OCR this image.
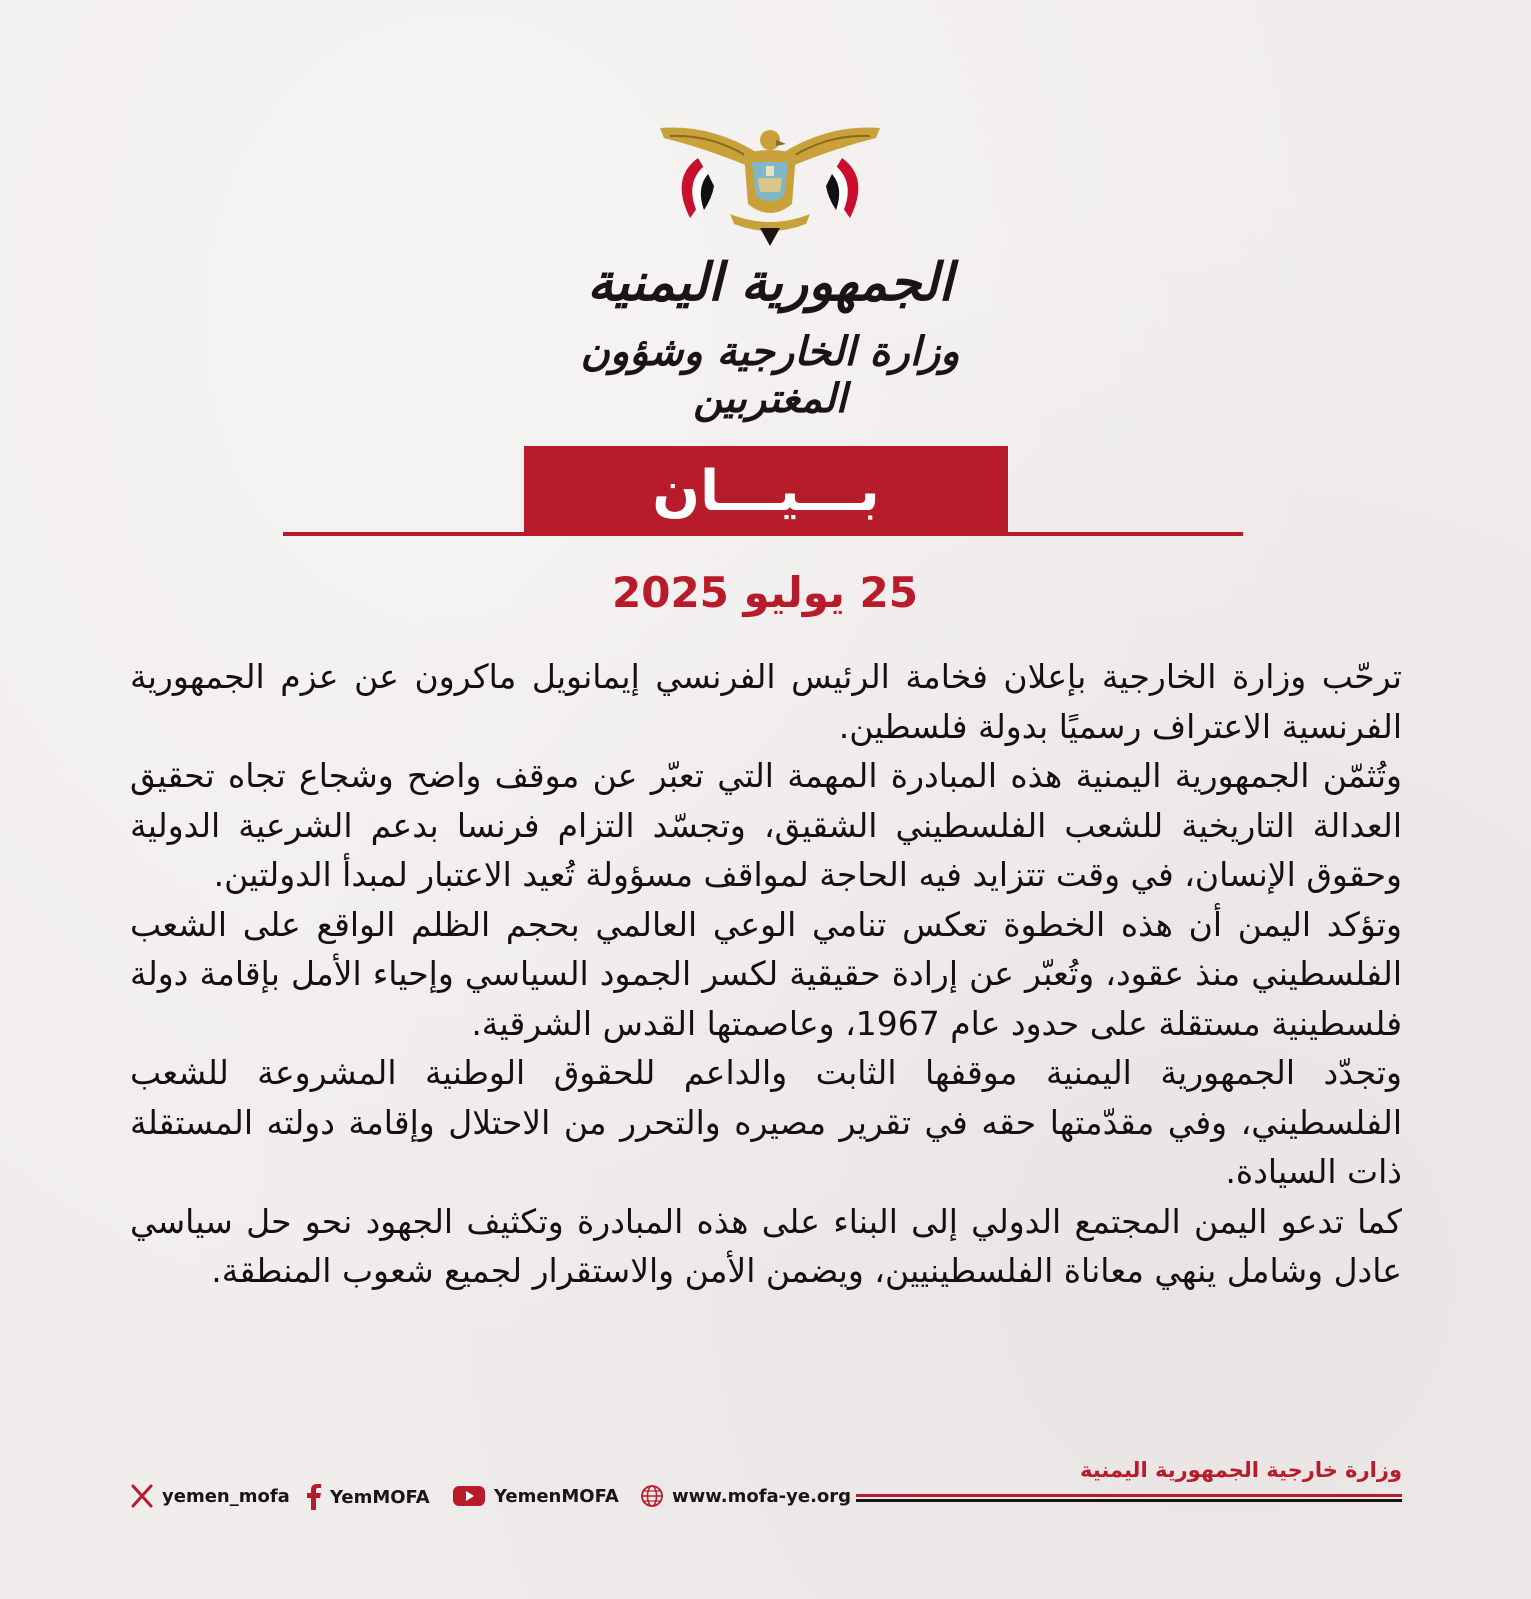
الجمهورية اليمنية
وزارة الخارجية وشؤون المغتربين
بـــيـــان
25 يوليو 2025

ترحّب وزارة الخارجية بإعلان فخامة الرئيس الفرنسي إيمانويل ماكرون عن عزم الجمهورية الفرنسية الاعتراف رسميًا بدولة فلسطين.

وتُثمّن الجمهورية اليمنية هذه المبادرة المهمة التي تعبّر عن موقف واضح وشجاع تجاه تحقيق العدالة التاريخية للشعب الفلسطيني الشقيق، وتجسّد التزام فرنسا بدعم الشرعية الدولية وحقوق الإنسان، في وقت تتزايد فيه الحاجة لمواقف مسؤولة تُعيد الاعتبار لمبدأ الدولتين.

وتؤكد اليمن أن هذه الخطوة تعكس تنامي الوعي العالمي بحجم الظلم الواقع على الشعب الفلسطيني منذ عقود، وتُعبّر عن إرادة حقيقية لكسر الجمود السياسي وإحياء الأمل بإقامة دولة فلسطينية مستقلة على حدود عام 1967، وعاصمتها القدس الشرقية.

وتجدّد الجمهورية اليمنية موقفها الثابت والداعم للحقوق الوطنية المشروعة للشعب الفلسطيني، وفي مقدّمتها حقه في تقرير مصيره والتحرر من الاحتلال وإقامة دولته المستقلة ذات السيادة.

كما تدعو اليمن المجتمع الدولي إلى البناء على هذه المبادرة وتكثيف الجهود نحو حل سياسي عادل وشامل ينهي معاناة الفلسطينيين، ويضمن الأمن والاستقرار لجميع شعوب المنطقة.

وزارة خارجية الجمهورية اليمنية
www.mofa-ye.org
YemenMOFA
YemMOFA
yemen_mofa
